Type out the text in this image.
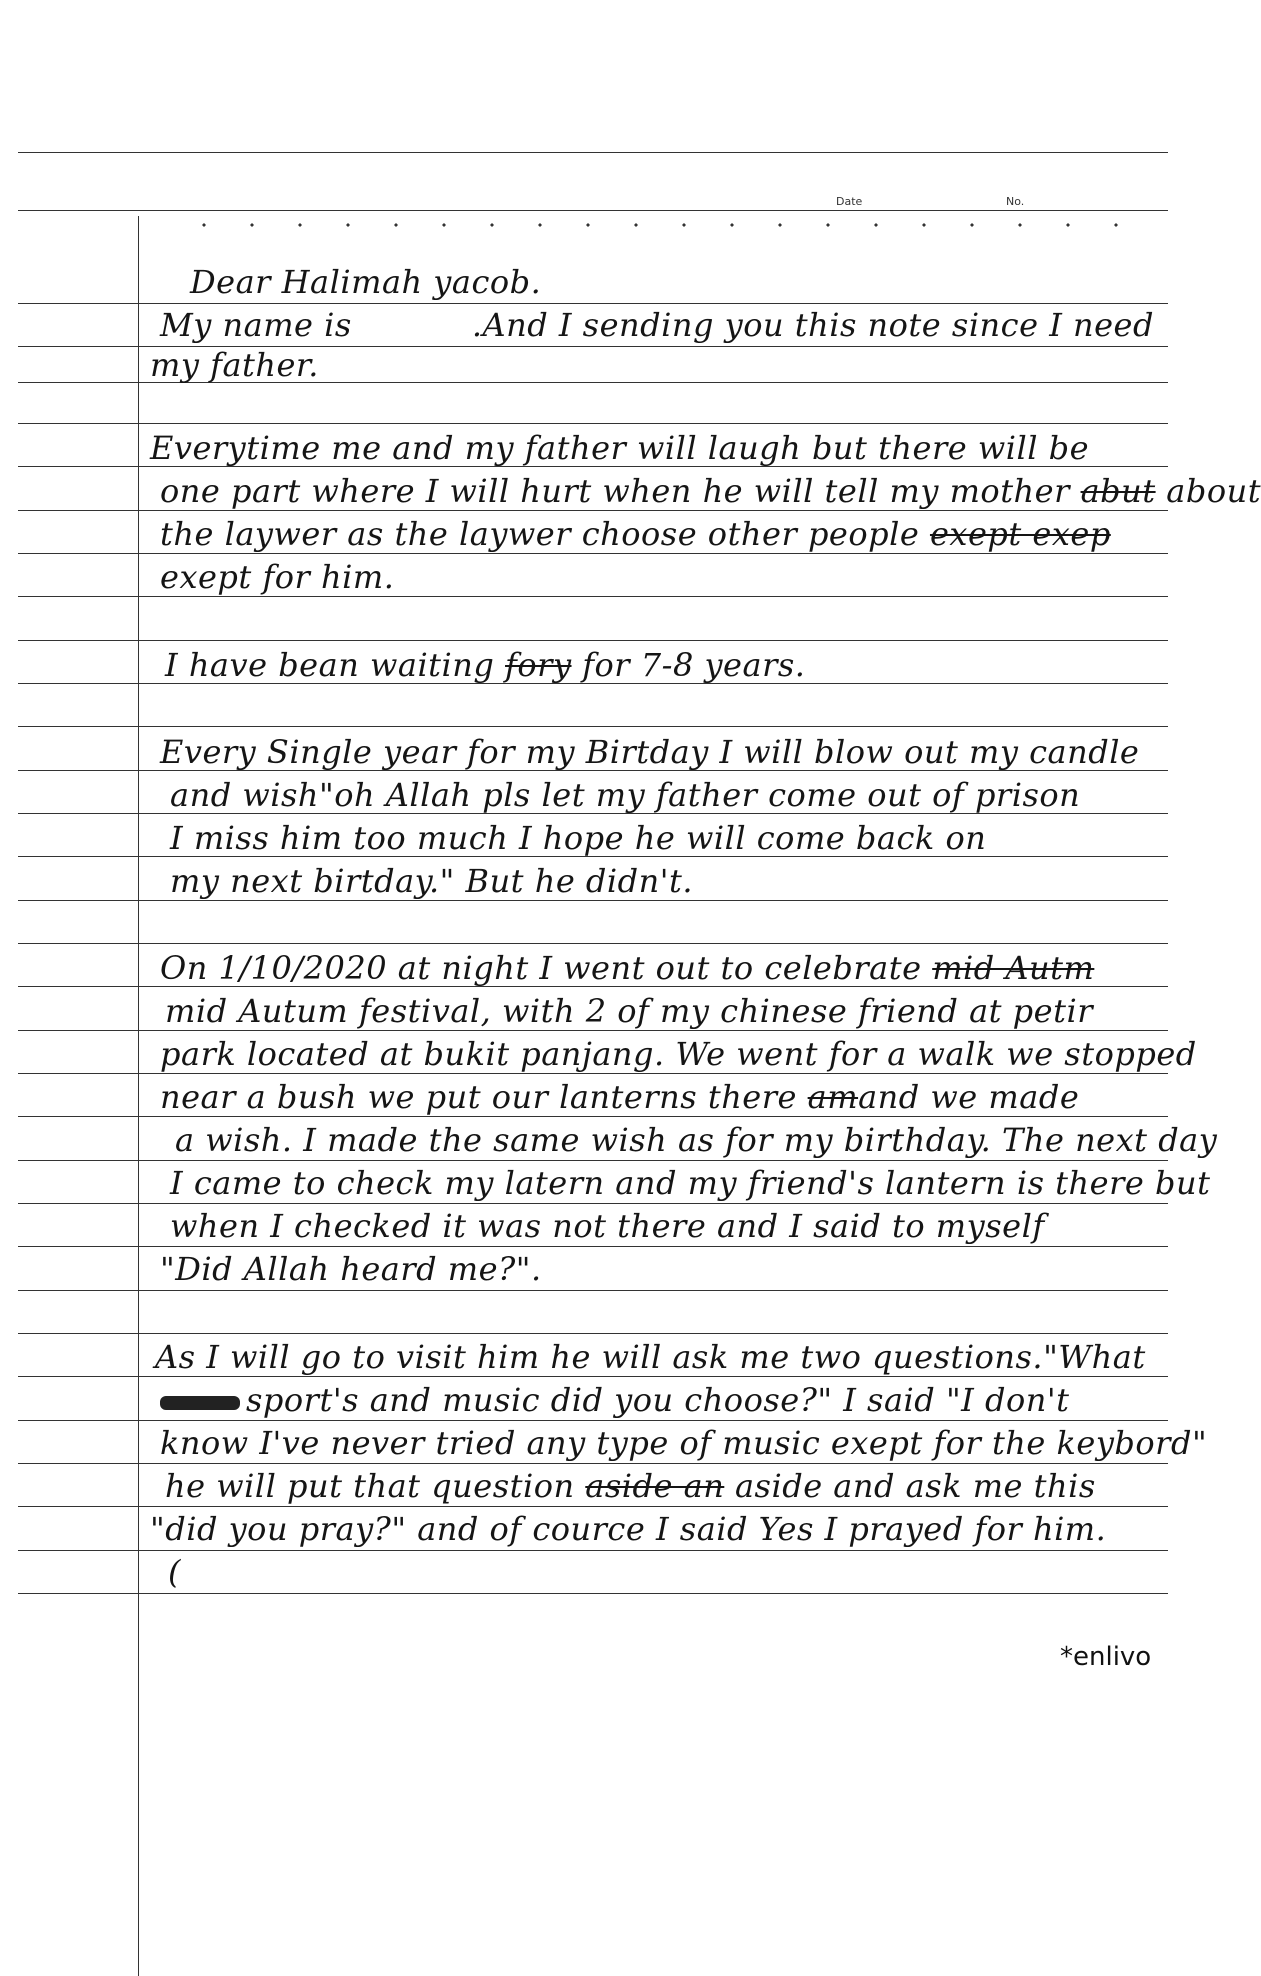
Date	No.
Dear Halimah yacob.
My name is	.And I sending you this note since I need
my father.
Everytime me and my father will laugh but there will be
one part where I will hurt when he will tell my mother abut about
the laywer as the laywer choose other people exept exep
exept for him.
I have bean waiting fory for 7-8 years.
Every Single year for my Birtday I will blow out my candle
and wish"oh Allah pls let my father come out of prison
I miss him too much I hope he will come back on
my next birtday." But he didn't.
On 1/10/2020 at night I went out to celebrate mid Autm
mid Autum festival, with 2 of my chinese friend at petir
park located at bukit panjang. We went for a walk we stopped
near a bush we put our lanterns there amand we made
a wish. I made the same wish as for my birthday. The next day
I came to check my latern and my friend's lantern is there but
when I checked it was not there and I said to myself
"Did Allah heard me?".
As I will go to visit him he will ask me two questions."What
sport's and music did you choose?" I said "I don't
know I've never tried any type of music exept for the keybord"
he will put that question aside an aside and ask me this
"did you pray?" and of cource I said Yes I prayed for him.
(
*enlivo
